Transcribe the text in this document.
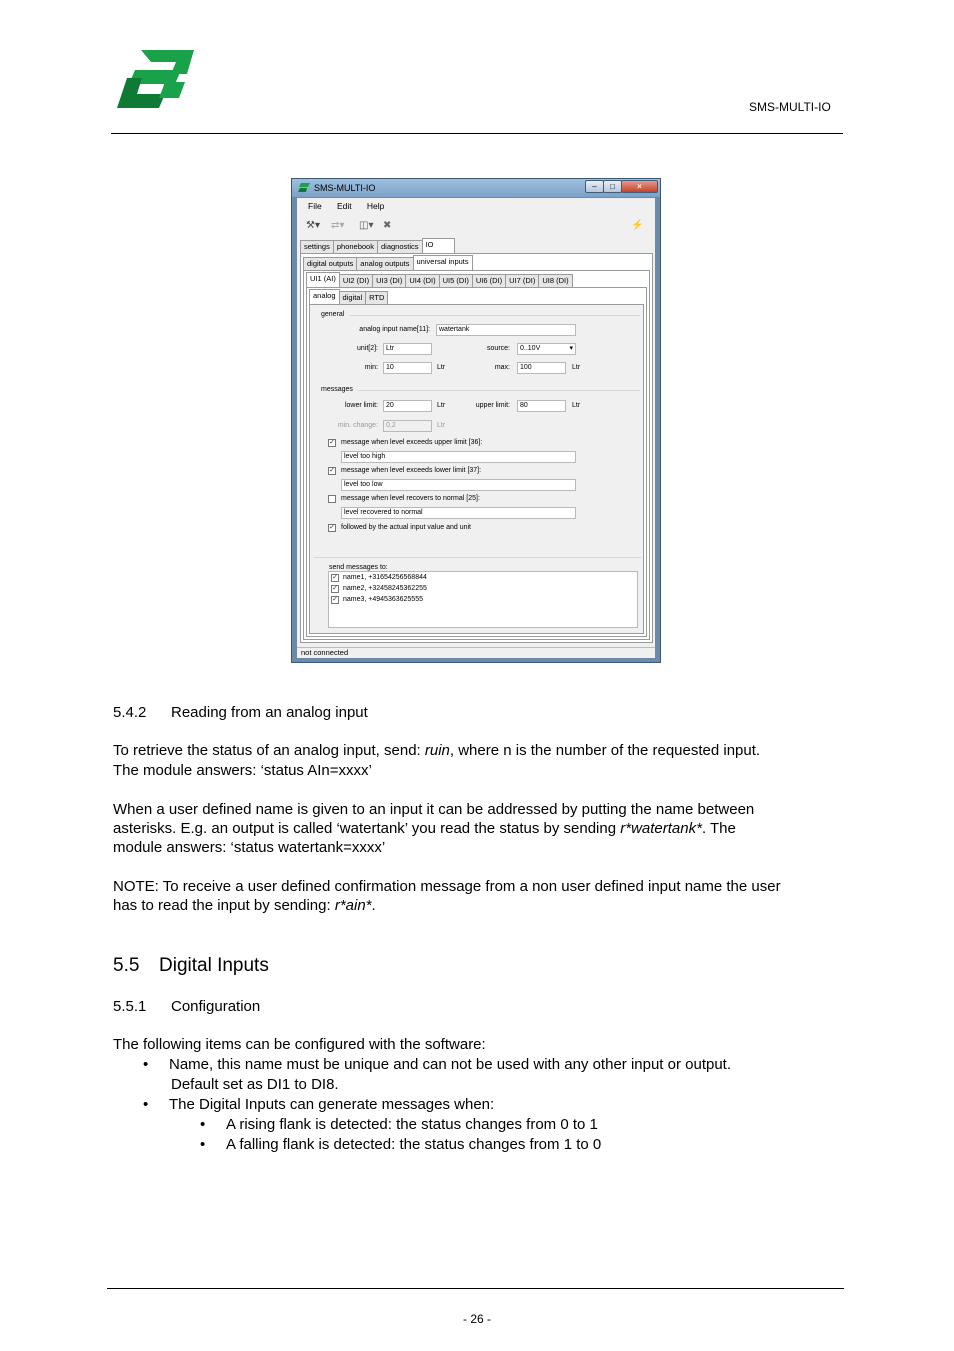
SMS-MULTI-IO
SMS-MULTI-IO	–	□	×
File Edit Help
⚒▾ ⇄▾ ◫▾ ✖	⚡
settings phonebook diagnostics IO
digital outputs analog outputs universal inputs
UI1 (AI) UI2 (DI) UI3 (DI) UI4 (DI) UI5 (DI) UI6 (DI) UI7 (DI) UI8 (DI)
analog digital RTD
general
analog input name[11]:	watertank
unit[2]:	Ltr	source:	0..10V	▾
min:	10	Ltr	max:	100	Ltr
messages
lower limit:	20	Ltr	upper limit:	80	Ltr
min. change:	0,2	Ltr
✓ message when level exceeds upper limit [36]:
level too high
✓ message when level exceeds lower limit [37]:
level too low
message when level recovers to normal [25]:
level recovered to normal
✓ followed by the actual input value and unit
send messages to:
✓ name1, +31654256568844
✓ name2, +32458245362255
✓ name3, +4945363625555
not connected
5.4.2 Reading from an analog input
To retrieve the status of an analog input, send: ruin, where n is the number of the requested input.
The module answers: ‘status AIn=xxxx’
When a user defined name is given to an input it can be addressed by putting the name between
asterisks. E.g. an output is called ‘watertank’ you read the status by sending r*watertank*. The
module answers: ‘status watertank=xxxx’
NOTE: To receive a user defined confirmation message from a non user defined input name the user
has to read the input by sending: r*ain*.
5.5 Digital Inputs
5.5.1 Configuration
The following items can be configured with the software:
• Name, this name must be unique and can not be used with any other input or output.
Default set as DI1 to DI8.
• The Digital Inputs can generate messages when:
• A rising flank is detected: the status changes from 0 to 1
• A falling flank is detected: the status changes from 1 to 0
- 26 -
